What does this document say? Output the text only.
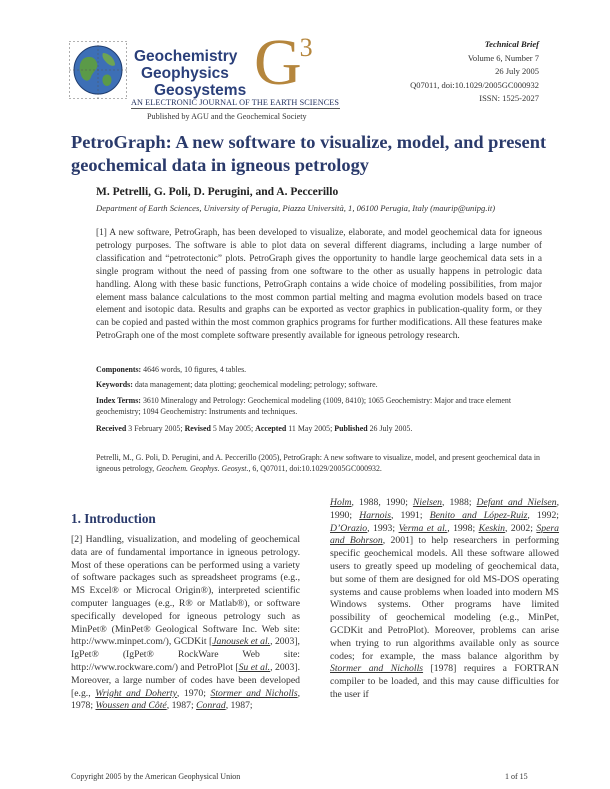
Geochemistry
Geophysics
Geosystems $G^3$
AN ELECTRONIC JOURNAL OF THE EARTH SCIENCES
Published by AGU and the Geochemical Society
Technical Brief
Volume 6, Number 7
26 July 2005
Q07011, doi:10.1029/2005GC000932
ISSN: 1525-2027
PetroGraph: A new software to visualize, model, and present geochemical data in igneous petrology
M. Petrelli, G. Poli, D. Perugini, and A. Peccerillo
Department of Earth Sciences, University of Perugia, Piazza Università, 1, 06100 Perugia, Italy (maurip@unipg.it)
[1] A new software, PetroGraph, has been developed to visualize, elaborate, and model geochemical data for igneous petrology purposes. The software is able to plot data on several different diagrams, including a large number of classification and “petrotectonic” plots. PetroGraph gives the opportunity to handle large geochemical data sets in a single program without the need of passing from one software to the other as usually happens in petrologic data handling. Along with these basic functions, PetroGraph contains a wide choice of modeling possibilities, from major element mass balance calculations to the most common partial melting and magma evolution models based on trace element and isotopic data. Results and graphs can be exported as vector graphics in publication-quality form, or they can be copied and pasted within the most common graphics programs for further modifications. All these features make PetroGraph one of the most complete software presently available for igneous petrology research.
Components: 4646 words, 10 figures, 4 tables.
Keywords: data management; data plotting; geochemical modeling; petrology; software.
Index Terms: 3610 Mineralogy and Petrology: Geochemical modeling (1009, 8410); 1065 Geochemistry: Major and trace element geochemistry; 1094 Geochemistry: Instruments and techniques.
Received 3 February 2005; Revised 5 May 2005; Accepted 11 May 2005; Published 26 July 2005.
Petrelli, M., G. Poli, D. Perugini, and A. Peccerillo (2005), PetroGraph: A new software to visualize, model, and present geochemical data in igneous petrology, Geochem. Geophys. Geosyst., 6, Q07011, doi:10.1029/2005GC000932.
1. Introduction
[2] Handling, visualization, and modeling of geochemical data are of fundamental importance in igneous petrology. Most of these operations can be performed using a variety of software packages such as spreadsheet programs (e.g., MS Excel® or Microcal Origin®), interpreted scientific computer languages (e.g., R® or Matlab®), or software specifically developed for igneous petrology such as MinPet® (MinPet® Geological Software Inc. Web site: http://www.minpet.com/), GCDKit [Janousek et al., 2003], IgPet® (IgPet® RockWare Web site: http://www.rockware.com/) and PetroPlot [Su et al., 2003]. Moreover, a large number of codes have been developed [e.g., Wright and Doherty, 1970; Stormer and Nicholls, 1978; Woussen and Côté, 1987; Conrad, 1987;
Holm, 1988, 1990; Nielsen, 1988; Defant and Nielsen, 1990; Harnois, 1991; Benito and López-Ruiz, 1992; D’Orazio, 1993; Verma et al., 1998; Keskin, 2002; Spera and Bohrson, 2001] to help researchers in performing specific geochemical models. All these software allowed users to greatly speed up modeling of geochemical data, but some of them are designed for old MS-DOS operating systems and cause problems when loaded into modern MS Windows systems. Other programs have limited possibility of geochemical modeling (e.g., MinPet, GCDKit and PetroPlot). Moreover, problems can arise when trying to run algorithms available only as source codes; for example, the mass balance algorithm by Stormer and Nicholls [1978] requires a FORTRAN compiler to be loaded, and this may cause difficulties for the user if
Copyright 2005 by the American Geophysical Union	1 of 15
